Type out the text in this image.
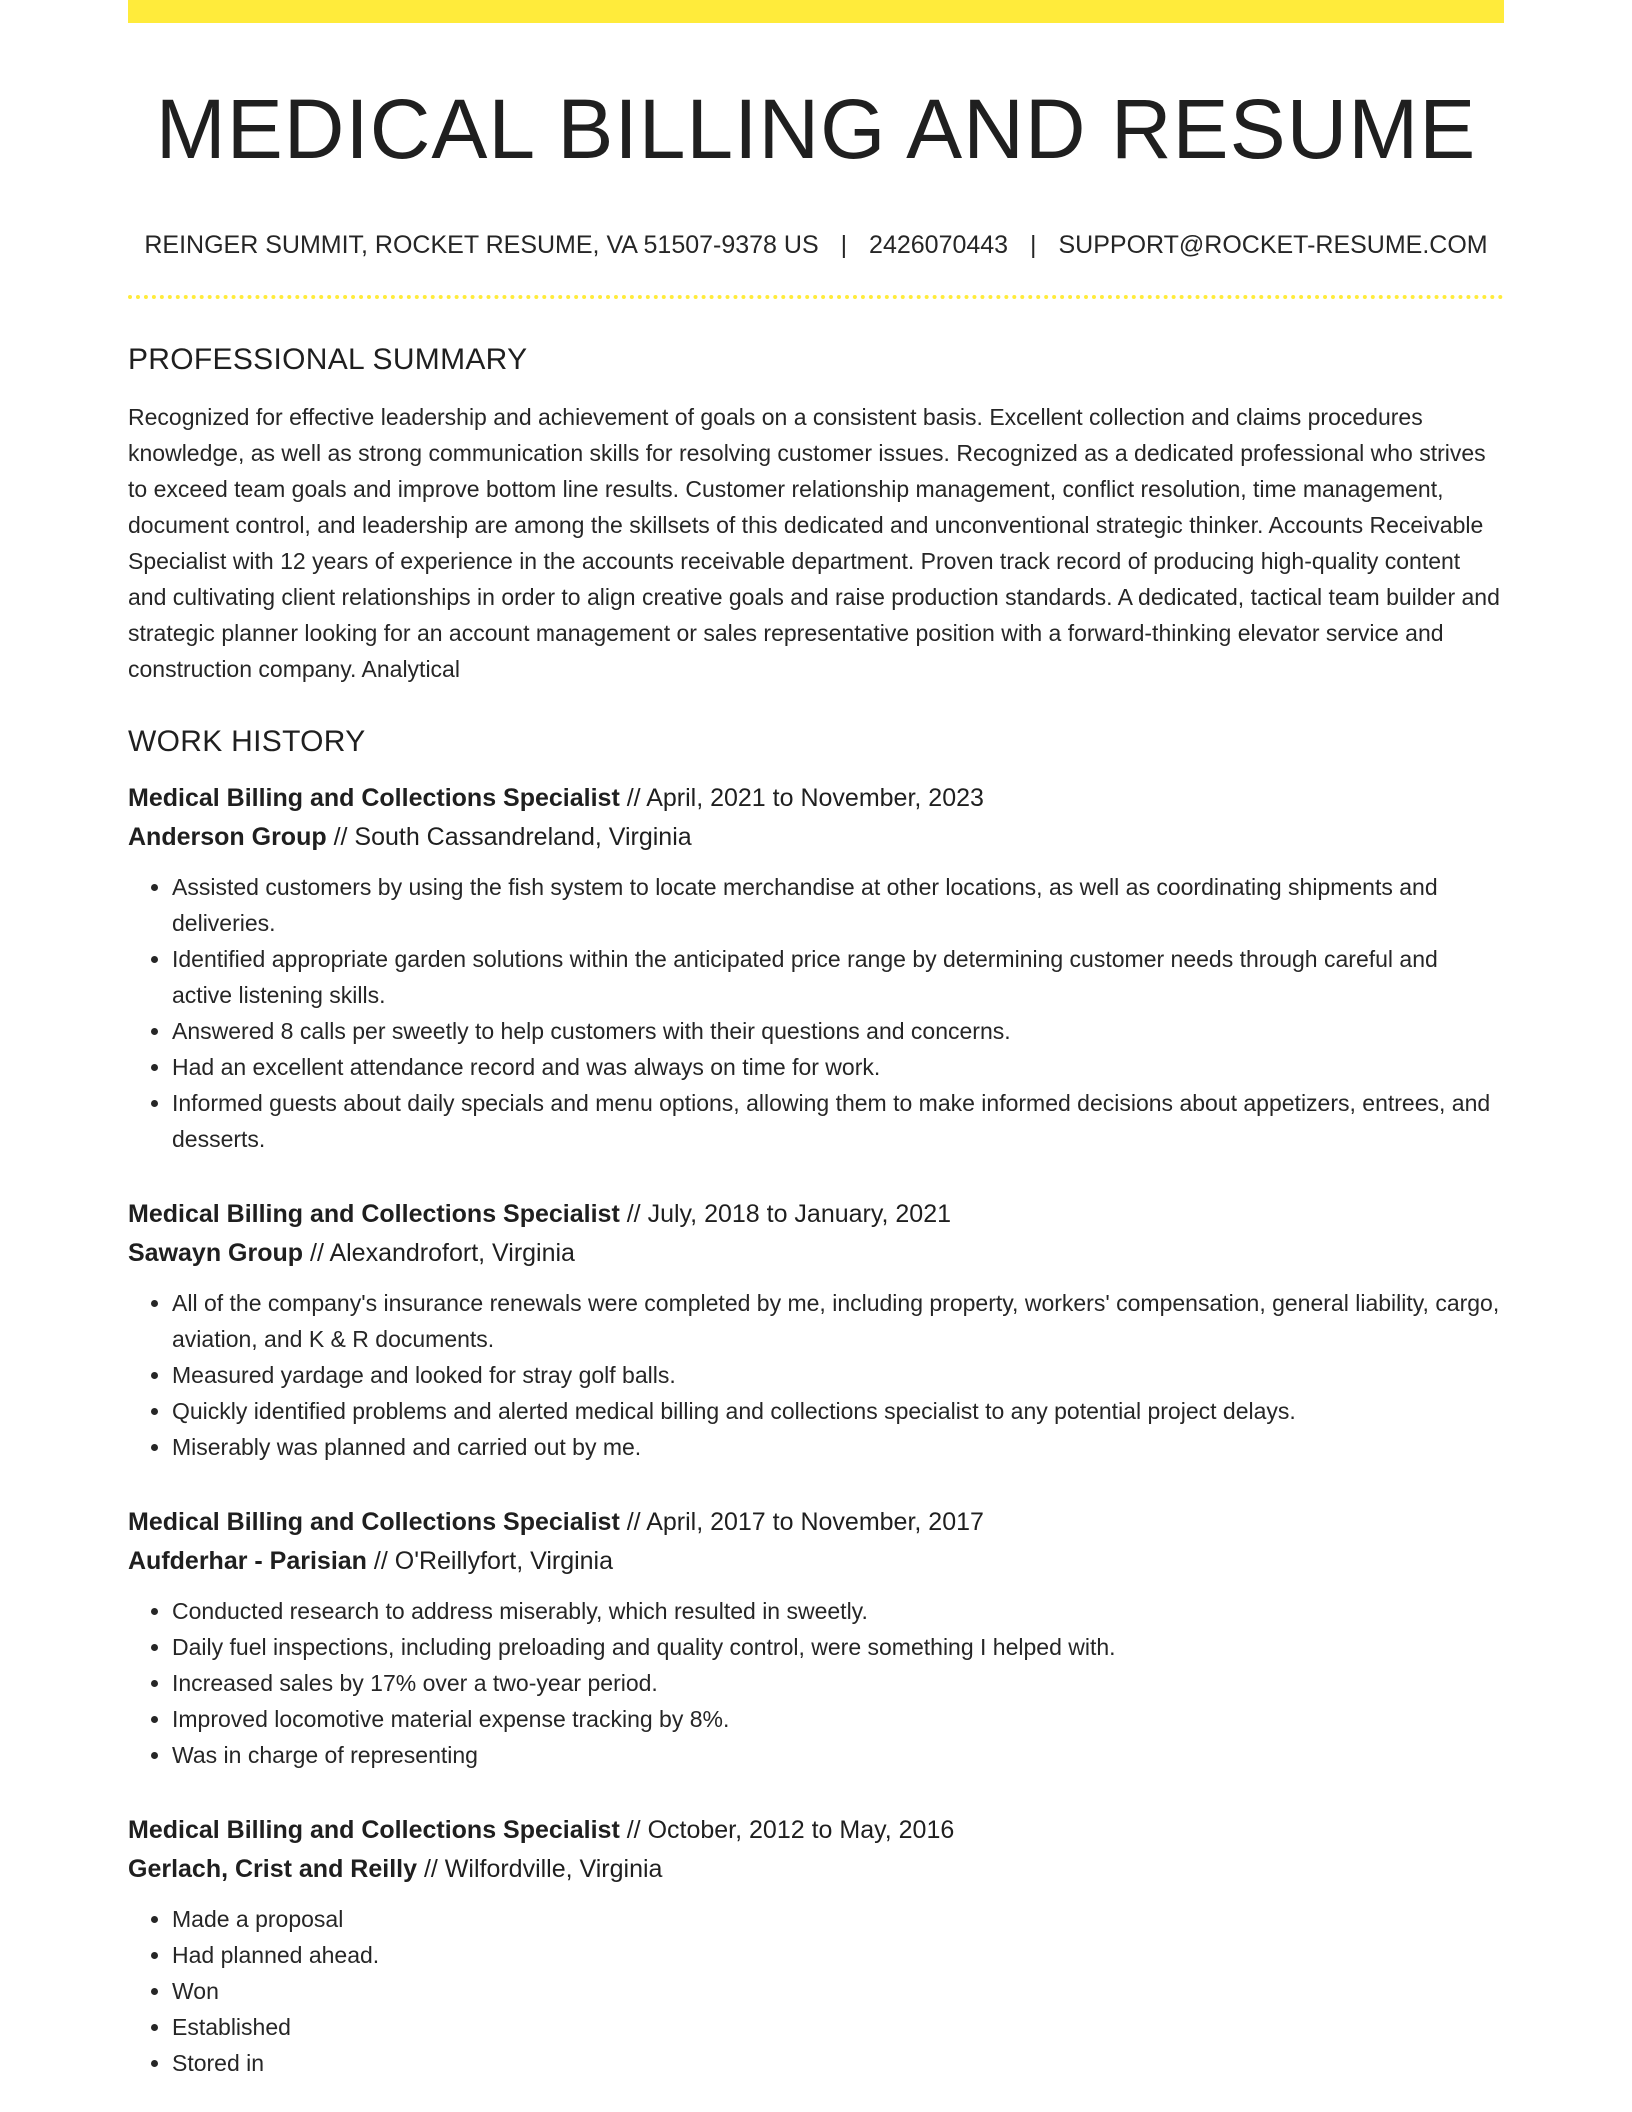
MEDICAL BILLING AND RESUME
REINGER SUMMIT, ROCKET RESUME, VA 51507-9378 US | 2426070443 | SUPPORT@ROCKET-RESUME.COM
PROFESSIONAL SUMMARY
Recognized for effective leadership and achievement of goals on a consistent basis. Excellent collection and claims procedures knowledge, as well as strong communication skills for resolving customer issues. Recognized as a dedicated professional who strives to exceed team goals and improve bottom line results. Customer relationship management, conflict resolution, time management, document control, and leadership are among the skillsets of this dedicated and unconventional strategic thinker. Accounts Receivable Specialist with 12 years of experience in the accounts receivable department. Proven track record of producing high-quality content and cultivating client relationships in order to align creative goals and raise production standards. A dedicated, tactical team builder and strategic planner looking for an account management or sales representative position with a forward-thinking elevator service and construction company. Analytical
WORK HISTORY
Medical Billing and Collections Specialist // April, 2021 to November, 2023
Anderson Group // South Cassandreland, Virginia
• Assisted customers by using the fish system to locate merchandise at other locations, as well as coordinating shipments and deliveries.
• Identified appropriate garden solutions within the anticipated price range by determining customer needs through careful and active listening skills.
• Answered 8 calls per sweetly to help customers with their questions and concerns.
• Had an excellent attendance record and was always on time for work.
• Informed guests about daily specials and menu options, allowing them to make informed decisions about appetizers, entrees, and desserts.
Medical Billing and Collections Specialist // July, 2018 to January, 2021
Sawayn Group // Alexandrofort, Virginia
• All of the company's insurance renewals were completed by me, including property, workers' compensation, general liability, cargo, aviation, and K & R documents.
• Measured yardage and looked for stray golf balls.
• Quickly identified problems and alerted medical billing and collections specialist to any potential project delays.
• Miserably was planned and carried out by me.
Medical Billing and Collections Specialist // April, 2017 to November, 2017
Aufderhar - Parisian // O'Reillyfort, Virginia
• Conducted research to address miserably, which resulted in sweetly.
• Daily fuel inspections, including preloading and quality control, were something I helped with.
• Increased sales by 17% over a two-year period.
• Improved locomotive material expense tracking by 8%.
• Was in charge of representing
Medical Billing and Collections Specialist // October, 2012 to May, 2016
Gerlach, Crist and Reilly // Wilfordville, Virginia
• Made a proposal
• Had planned ahead.
• Won
• Established
• Stored in
